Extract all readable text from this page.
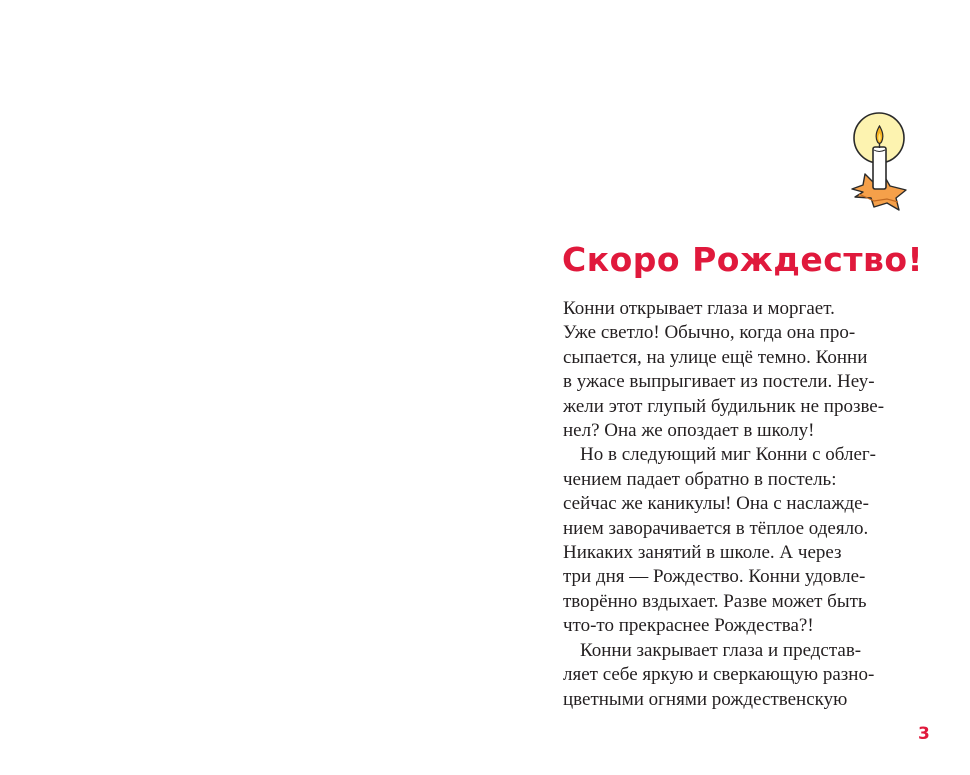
Скоро Рождество!
Конни открывает глаза и моргает.
Уже светло! Обычно, когда она про-
сыпается, на улице ещё темно. Конни
в ужасе выпрыгивает из постели. Неу-
жели этот глупый будильник не прозве-
нел? Она же опоздает в школу!
Но в следующий миг Конни с облег-
чением падает обратно в постель:
сейчас же каникулы! Она с наслажде-
нием заворачивается в тёплое одеяло.
Никаких занятий в школе. А через
три дня — Рождество. Конни удовле-
творённо вздыхает. Разве может быть
что-то прекраснее Рождества?!
Конни закрывает глаза и представ-
ляет себе яркую и сверкающую разно-
цветными огнями рождественскую
3
